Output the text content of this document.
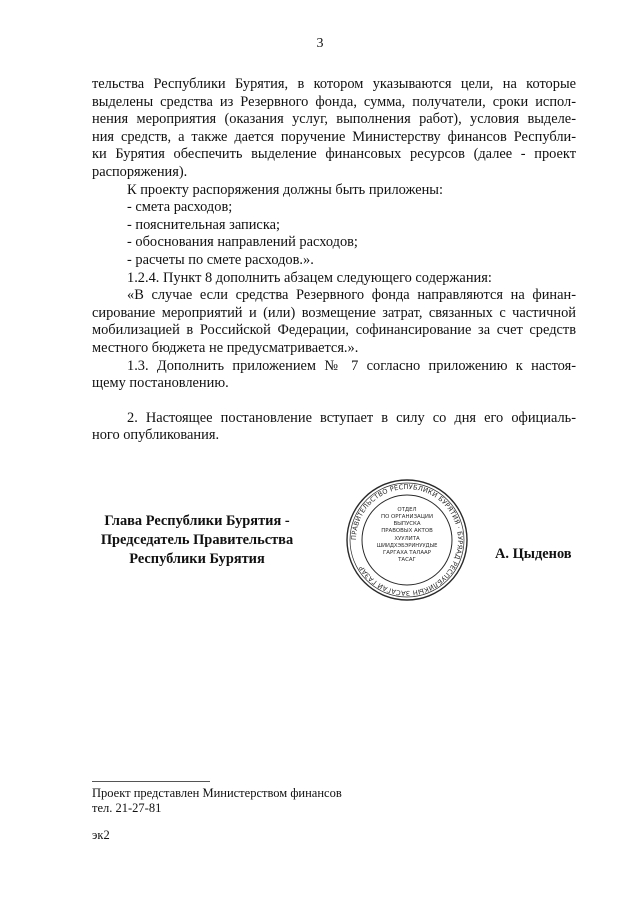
3
тельства Республики Бурятия, в котором указываются цели, на которые
выделены средства из Резервного фонда, сумма, получатели, сроки испол-
нения мероприятия (оказания услуг, выполнения работ), условия выделе-
ния средств, а также дается поручение Министерству финансов Республи-
ки Бурятия обеспечить выделение финансовых ресурсов (далее - проект
распоряжения).
К проекту распоряжения должны быть приложены:
- смета расходов;
- пояснительная записка;
- обоснования направлений расходов;
- расчеты по смете расходов.».
1.2.4. Пункт 8 дополнить абзацем следующего содержания:
«В случае если средства Резервного фонда направляются на финан-
сирование мероприятий и (или) возмещение затрат, связанных с частичной
мобилизацией в Российской Федерации, софинансирование за счет средств
местного бюджета не предусматривается.».
1.3. Дополнить приложением № 7 согласно приложению к настоя-
щему постановлению.
2. Настоящее постановление вступает в силу со дня его официаль-
ного опубликования.
Глава Республики Бурятия -
Председатель Правительства
Республики Бурятия
ПРАВИТЕЛЬСТВО РЕСПУБЛИКИ БУРЯТИЯ · БУРЯАД РЕСПУБЛИКЫН ЗАСАГАЙ ГАЗАР
ОТДЕЛ
ПО ОРГАНИЗАЦИИ
ВЫПУСКА
ПРАВОВЫХ АКТОВ
ХУУЛИТА
ШИИДХЭБЭРИНУУДЫЕ
ГАРГАХА ТАЛААР
ТАСАГ	А. Цыденов
Проект представлен Министерством финансов
тел. 21-27-81
эк2
